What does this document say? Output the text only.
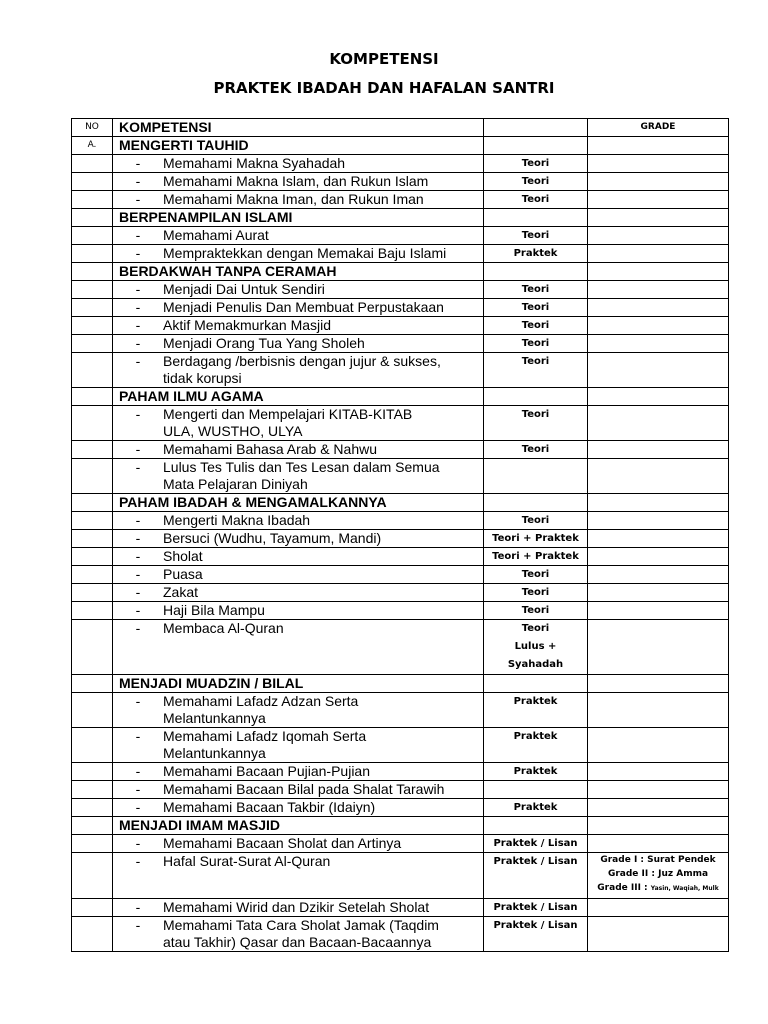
KOMPETENSI
PRAKTEK IBADAH DAN HAFALAN SANTRI
NO	KOMPETENSI		GRADE
A.	MENGERTI TAUHID		

	- Memahami Makna Syahadah	Teori	

	- Memahami Makna Islam, dan Rukun Islam	Teori	

	- Memahami Makna Iman, dan Rukun Iman	Teori	
	BERPENAMPILAN ISLAMI		

	- Memahami Aurat	Teori	

	- Mempraktekkan dengan Memakai Baju Islami	Praktek	
	BERDAKWAH TANPA CERAMAH		

	- Menjadi Dai Untuk Sendiri	Teori	

	- Menjadi Penulis Dan Membuat Perpustakaan	Teori	

	- Aktif Memakmurkan Masjid	Teori	

	- Menjadi Orang Tua Yang Sholeh	Teori	

	- Berdagang /berbisnis dengan jujur & sukses,
tidak korupsi	Teori	
	PAHAM ILMU AGAMA		

	- Mengerti dan Mempelajari KITAB-KITAB
ULA, WUSTHO, ULYA	Teori	

	- Memahami Bahasa Arab & Nahwu	Teori	

	- Lulus Tes Tulis dan Tes Lesan dalam Semua
Mata Pelajaran Diniyah		

	PAHAM IBADAH & MENGAMALKANNYA		

	- Mengerti Makna Ibadah	Teori	

	- Bersuci (Wudhu, Tayamum, Mandi)	Teori + Praktek	

	- Sholat	Teori + Praktek	

	- Puasa	Teori	

	- Zakat	Teori	

	- Haji Bila Mampu	Teori	

	- Membaca Al-Quran	Teori
Lulus +
Syahadah	

	MENJADI MUADZIN / BILAL		

	- Memahami Lafadz Adzan Serta
Melantunkannya	Praktek	

	- Memahami Lafadz Iqomah Serta
Melantunkannya	Praktek	

	- Memahami Bacaan Pujian-Pujian	Praktek	

	- Memahami Bacaan Bilal pada Shalat Tarawih		

	- Memahami Bacaan Takbir (Idaiyn)	Praktek	
	MENJADI IMAM MASJID		

	- Memahami Bacaan Sholat dan Artinya	Praktek / Lisan	

	- Hafal Surat-Surat Al-Quran	Praktek / Lisan	Grade I : Surat Pendek
Grade II : Juz Amma
Grade III : Yasin, Waqiah, Mulk

	- Memahami Wirid dan Dzikir Setelah Sholat	Praktek / Lisan	

	- Memahami Tata Cara Sholat Jamak (Taqdim
atau Takhir) Qasar dan Bacaan-Bacaannya	Praktek / Lisan	
